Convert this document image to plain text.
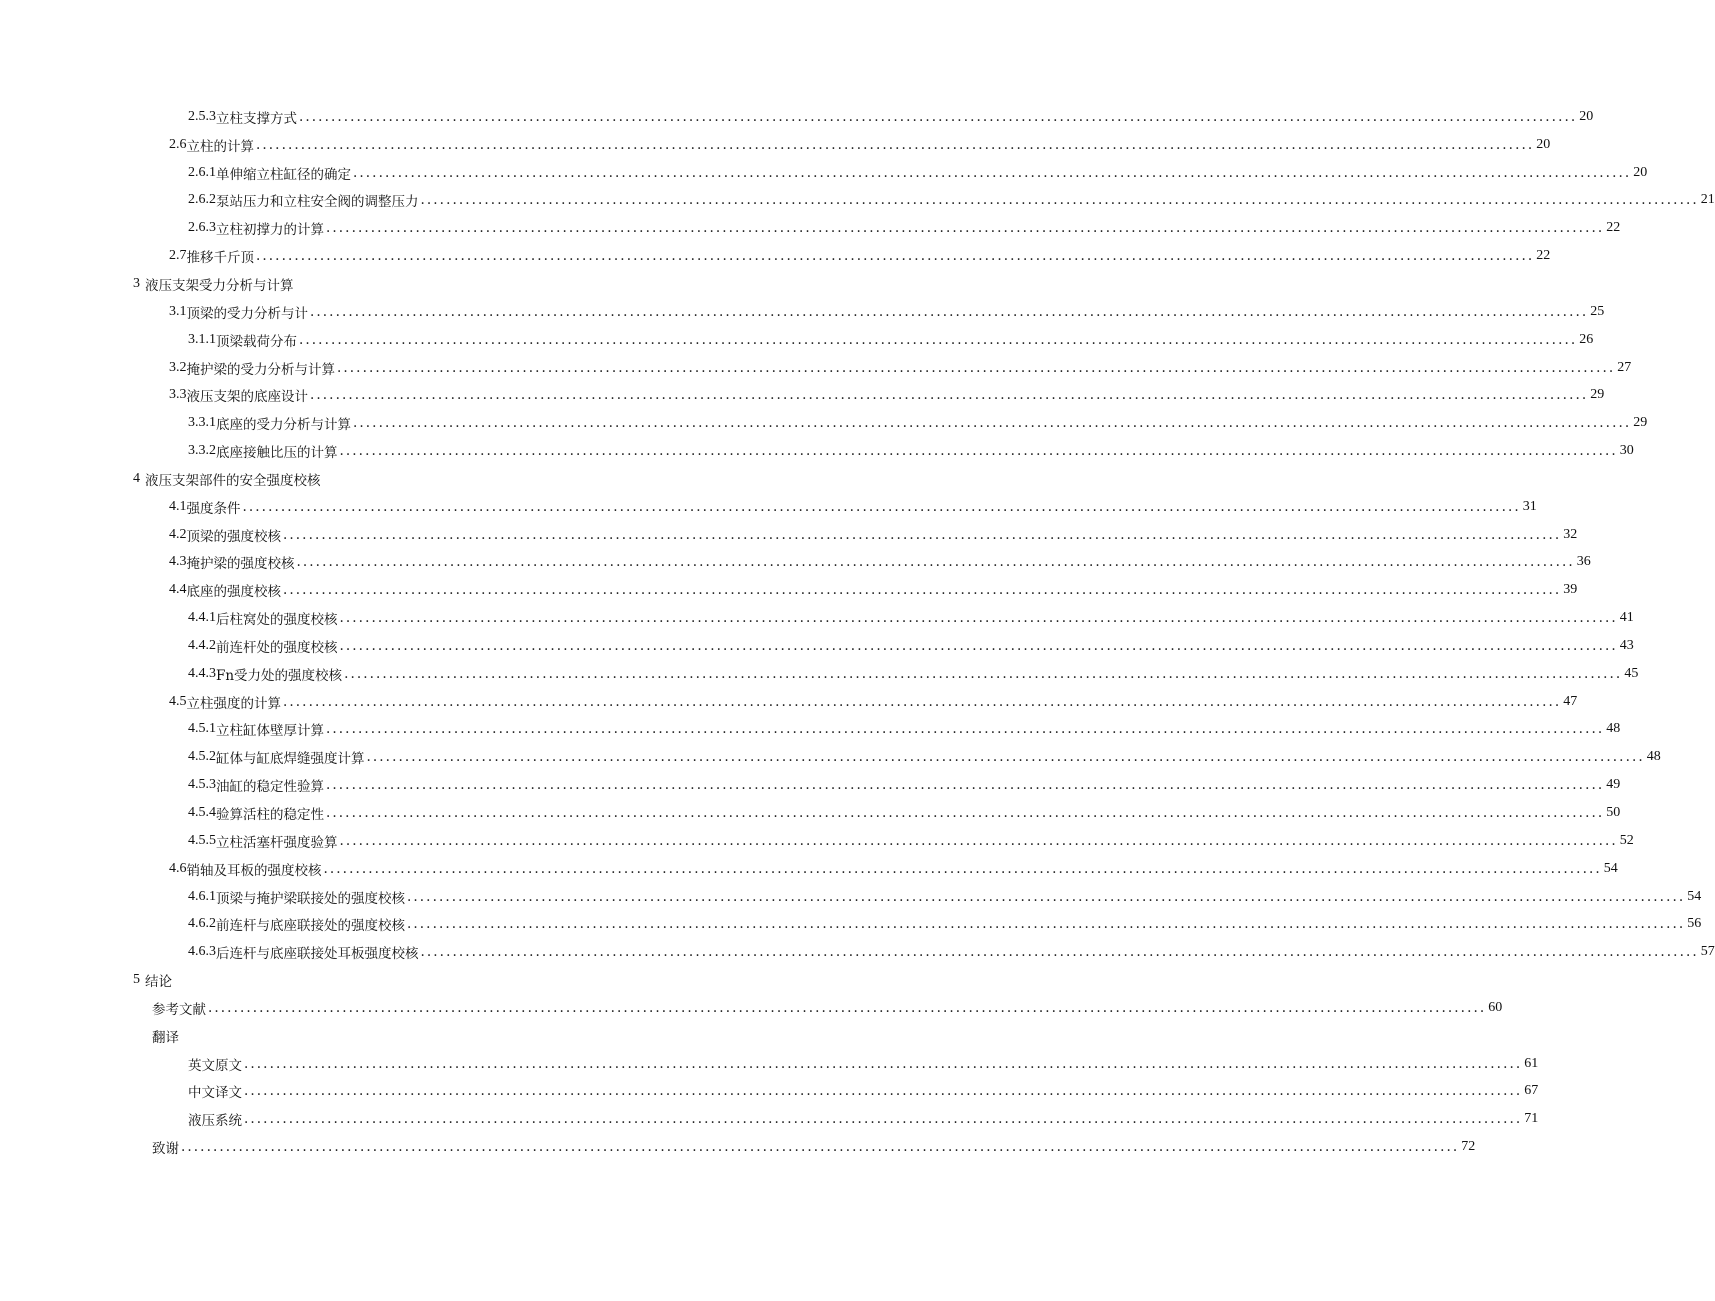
2.5.3 立柱支撑方式 ........................................................................................................................................................................................................ 20
2.6 立柱的计算 ........................................................................................................................................................................................................ 20
2.6.1 单伸缩立柱缸径的确定 ........................................................................................................................................................................................................ 20
2.6.2 泵站压力和立柱安全阀的调整压力 ........................................................................................................................................................................................................ 21
2.6.3 立柱初撑力的计算 ........................................................................................................................................................................................................ 22
2.7 推移千斤顶 ........................................................................................................................................................................................................ 22
3 液压支架受力分析与计算
3.1 顶梁的受力分析与计 ........................................................................................................................................................................................................ 25
3.1.1 顶梁载荷分布 ........................................................................................................................................................................................................ 26
3.2 掩护梁的受力分析与计算 ........................................................................................................................................................................................................ 27
3.3 液压支架的底座设计 ........................................................................................................................................................................................................ 29
3.3.1 底座的受力分析与计算 ........................................................................................................................................................................................................ 29
3.3.2 底座接触比压的计算 ........................................................................................................................................................................................................ 30
4 液压支架部件的安全强度校核
4.1 强度条件 ........................................................................................................................................................................................................ 31
4.2 顶梁的强度校核 ........................................................................................................................................................................................................ 32
4.3 掩护梁的强度校核 ........................................................................................................................................................................................................ 36
4.4 底座的强度校核 ........................................................................................................................................................................................................ 39
4.4.1 后柱窝处的强度校核 ........................................................................................................................................................................................................ 41
4.4.2 前连杆处的强度校核 ........................................................................................................................................................................................................ 43
4.4.3 Fn受力处的强度校核 ........................................................................................................................................................................................................ 45
4.5 立柱强度的计算 ........................................................................................................................................................................................................ 47
4.5.1 立柱缸体壁厚计算 ........................................................................................................................................................................................................ 48
4.5.2 缸体与缸底焊缝强度计算 ........................................................................................................................................................................................................ 48
4.5.3 油缸的稳定性验算 ........................................................................................................................................................................................................ 49
4.5.4 验算活柱的稳定性 ........................................................................................................................................................................................................ 50
4.5.5 立柱活塞杆强度验算 ........................................................................................................................................................................................................ 52
4.6 销轴及耳板的强度校核 ........................................................................................................................................................................................................ 54
4.6.1 顶梁与掩护梁联接处的强度校核 ........................................................................................................................................................................................................ 54
4.6.2 前连杆与底座联接处的强度校核 ........................................................................................................................................................................................................ 56
4.6.3 后连杆与底座联接处耳板强度校核 ........................................................................................................................................................................................................ 57
5 结论
参考文献 ........................................................................................................................................................................................................ 60
翻译
英文原文 ........................................................................................................................................................................................................ 61
中文译文 ........................................................................................................................................................................................................ 67
液压系统 ........................................................................................................................................................................................................ 71
致谢 ........................................................................................................................................................................................................ 72
